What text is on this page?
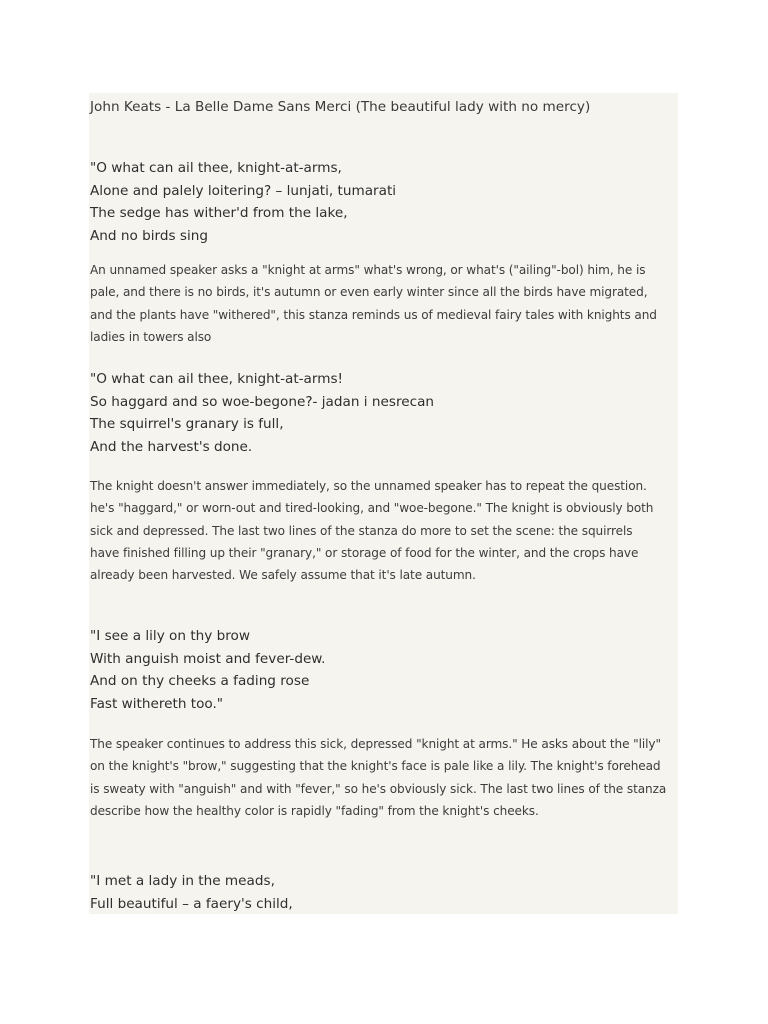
John Keats - La Belle Dame Sans Merci (The beautiful lady with no mercy)

"O what can ail thee, knight-at-arms,
Alone and palely loitering? – lunjati, tumarati
The sedge has wither'd from the lake,
And no birds sing
An unnamed speaker asks a "knight at arms" what's wrong, or what's ("ailing"-bol) him, he is
pale, and there is no birds, it's autumn or even early winter since all the birds have migrated,
and the plants have "withered", this stanza reminds us of medieval fairy tales with knights and
ladies in towers also
"O what can ail thee, knight-at-arms!
So haggard and so woe-begone?- jadan i nesrecan
The squirrel's granary is full,
And the harvest's done.
The knight doesn't answer immediately, so the unnamed speaker has to repeat the question.
he's "haggard," or worn-out and tired-looking, and "woe-begone." The knight is obviously both
sick and depressed. The last two lines of the stanza do more to set the scene: the squirrels
have finished filling up their "granary," or storage of food for the winter, and the crops have
already been harvested. We safely assume that it's late autumn.
"I see a lily on thy brow
With anguish moist and fever-dew.
And on thy cheeks a fading rose
Fast withereth too."
The speaker continues to address this sick, depressed "knight at arms." He asks about the "lily"
on the knight's "brow," suggesting that the knight's face is pale like a lily. The knight's forehead
is sweaty with "anguish" and with "fever," so he's obviously sick. The last two lines of the stanza
describe how the healthy color is rapidly "fading" from the knight's cheeks.
"I met a lady in the meads,
Full beautiful – a faery's child,
